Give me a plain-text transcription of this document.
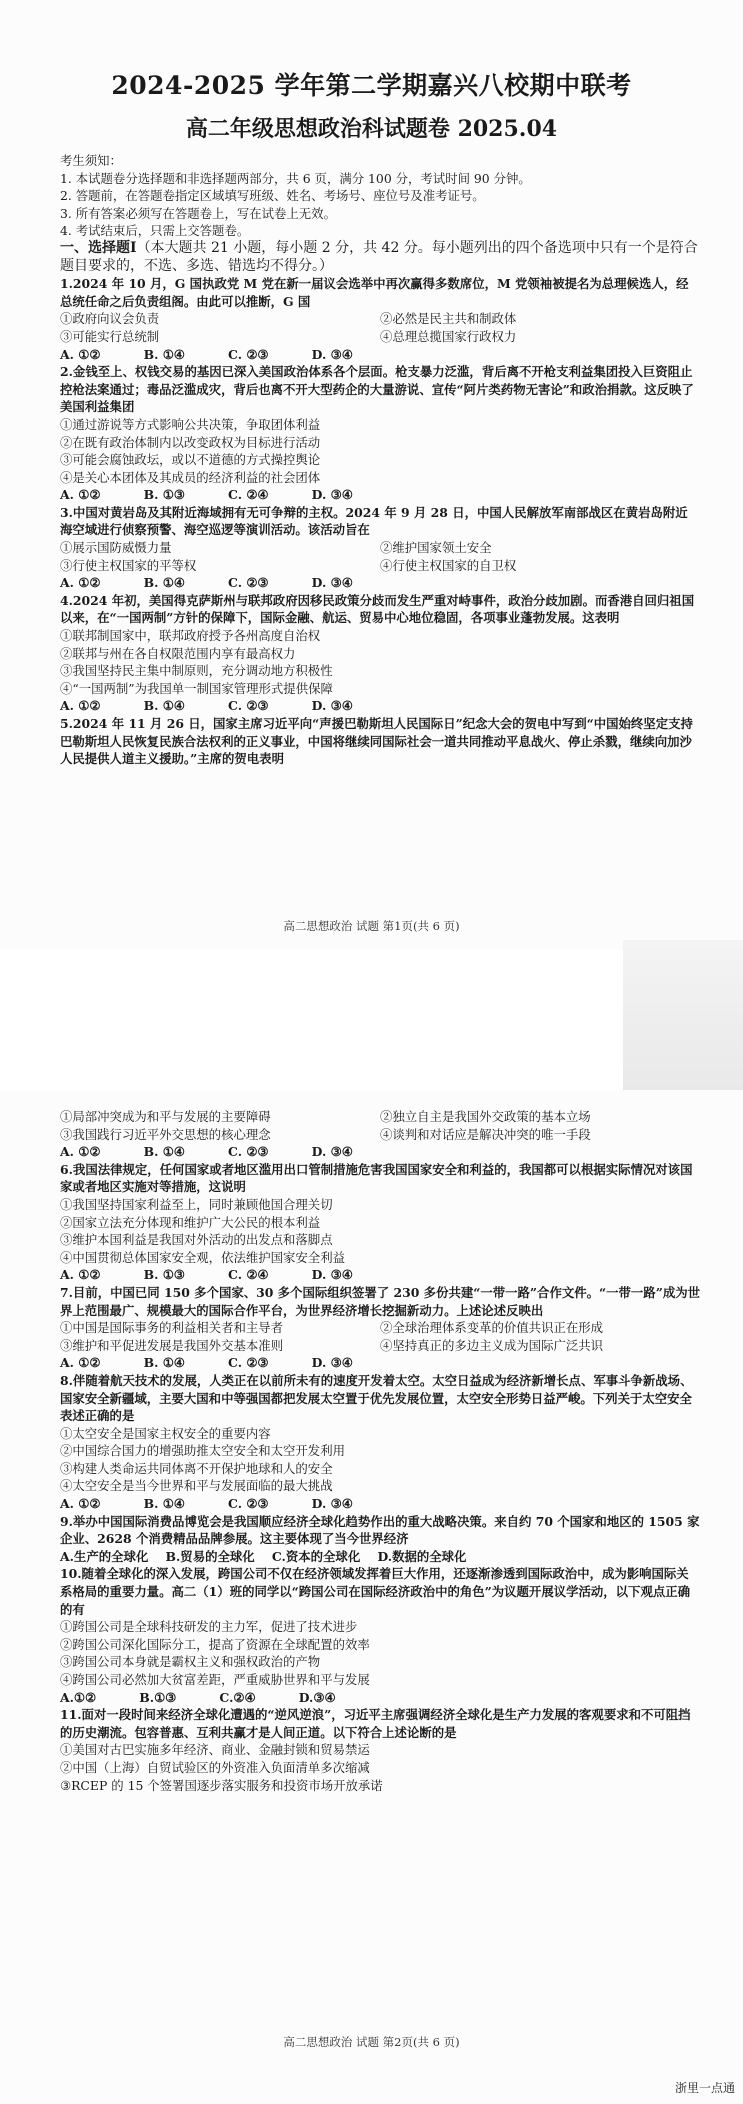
2024-2025 学年第二学期嘉兴八校期中联考
高二年级思想政治科试题卷 2025.04

考生须知：

1. 本试题卷分选择题和非选择题两部分，共 6 页，满分 100 分，考试时间 90 分钟。

2. 答题前，在答题卷指定区域填写班级、姓名、考场号、座位号及准考证号。

3. 所有答案必须写在答题卷上，写在试卷上无效。

4. 考试结束后，只需上交答题卷。

一、选择题Ⅰ（本大题共 21 小题，每小题 2 分，共 42 分。每小题列出的四个备选项中只有一个是符合题目要求的，不选、多选、错选均不得分。）

1.2024 年 10 月，G 国执政党 M 党在新一届议会选举中再次赢得多数席位，M 党领袖被提名为总理候选人，经总统任命之后负责组阁。由此可以推断，G 国

①政府向议会负责	②必然是民主共和制政体

③可能实行总统制	④总理总揽国家行政权力

A. ①②          B. ①④          C. ②③          D. ③④

2.金钱至上、权钱交易的基因已深入美国政治体系各个层面。枪支暴力泛滥，背后离不开枪支利益集团投入巨资阻止控枪法案通过；毒品泛滥成灾，背后也离不开大型药企的大量游说、宣传“阿片类药物无害论”和政治捐款。这反映了美国利益集团

①通过游说等方式影响公共决策，争取团体利益

②在既有政治体制内以改变政权为目标进行活动

③可能会腐蚀政坛，或以不道德的方式操控舆论

④是关心本团体及其成员的经济利益的社会团体

A. ①②          B. ①③          C. ②④          D. ③④

3.中国对黄岩岛及其附近海域拥有无可争辩的主权。2024 年 9 月 28 日，中国人民解放军南部战区在黄岩岛附近海空域进行侦察预警、海空巡逻等演训活动。该活动旨在

①展示国防威慑力量	②维护国家领土安全

③行使主权国家的平等权	④行使主权国家的自卫权

A. ①②          B. ①④          C. ②③          D. ③④

4.2024 年初，美国得克萨斯州与联邦政府因移民政策分歧而发生严重对峙事件，政治分歧加剧。而香港自回归祖国以来，在“一国两制”方针的保障下，国际金融、航运、贸易中心地位稳固，各项事业蓬勃发展。这表明

①联邦制国家中，联邦政府授予各州高度自治权

②联邦与州在各自权限范围内享有最高权力

③我国坚持民主集中制原则，充分调动地方积极性

④“一国两制”为我国单一制国家管理形式提供保障

A. ①②          B. ①④          C. ②③          D. ③④

5.2024 年 11 月 26 日，国家主席习近平向“声援巴勒斯坦人民国际日”纪念大会的贺电中写到“中国始终坚定支持巴勒斯坦人民恢复民族合法权利的正义事业，中国将继续同国际社会一道共同推动平息战火、停止杀戮，继续向加沙人民提供人道主义援助。”主席的贺电表明

高二思想政治 试题 第1页(共 6 页)

①局部冲突成为和平与发展的主要障碍	②独立自主是我国外交政策的基本立场

③我国践行习近平外交思想的核心理念	④谈判和对话应是解决冲突的唯一手段

A. ①②          B. ①④          C. ②③          D. ③④

6.我国法律规定，任何国家或者地区滥用出口管制措施危害我国国家安全和利益的，我国都可以根据实际情况对该国家或者地区实施对等措施，这说明

①我国坚持国家利益至上，同时兼顾他国合理关切

②国家立法充分体现和维护广大公民的根本利益

③维护本国利益是我国对外活动的出发点和落脚点

④中国贯彻总体国家安全观，依法维护国家安全利益

A. ①②          B. ①③          C. ②④          D. ③④

7.目前，中国已同 150 多个国家、30 多个国际组织签署了 230 多份共建“一带一路”合作文件。“一带一路”成为世界上范围最广、规模最大的国际合作平台，为世界经济增长挖掘新动力。上述论述反映出

①中国是国际事务的利益相关者和主导者	②全球治理体系变革的价值共识正在形成

③维护和平促进发展是我国外交基本准则	④坚持真正的多边主义成为国际广泛共识

A. ①②          B. ①④          C. ②③          D. ③④

8.伴随着航天技术的发展，人类正在以前所未有的速度开发着太空。太空日益成为经济新增长点、军事斗争新战场、国家安全新疆域，主要大国和中等强国都把发展太空置于优先发展位置，太空安全形势日益严峻。下列关于太空安全表述正确的是

①太空安全是国家主权安全的重要内容

②中国综合国力的增强助推太空安全和太空开发利用

③构建人类命运共同体离不开保护地球和人的安全

④太空安全是当今世界和平与发展面临的最大挑战

A. ①②          B. ①④          C. ②③          D. ③④

9.举办中国国际消费品博览会是我国顺应经济全球化趋势作出的重大战略决策。来自约 70 个国家和地区的 1505 家企业、2628 个消费精品品牌参展。这主要体现了当今世界经济

A.生产的全球化    B.贸易的全球化    C.资本的全球化    D.数据的全球化

10.随着全球化的深入发展，跨国公司不仅在经济领域发挥着巨大作用，还逐渐渗透到国际政治中，成为影响国际关系格局的重要力量。高二（1）班的同学以“跨国公司在国际经济政治中的角色”为议题开展议学活动，以下观点正确的有

①跨国公司是全球科技研发的主力军，促进了技术进步

②跨国公司深化国际分工，提高了资源在全球配置的效率

③跨国公司本身就是霸权主义和强权政治的产物

④跨国公司必然加大贫富差距，严重威胁世界和平与发展

A.①②          B.①③          C.②④          D.③④

11.面对一段时间来经济全球化遭遇的“逆风逆浪”，习近平主席强调经济全球化是生产力发展的客观要求和不可阻挡的历史潮流。包容普惠、互利共赢才是人间正道。以下符合上述论断的是

①美国对古巴实施多年经济、商业、金融封锁和贸易禁运

②中国（上海）自贸试验区的外资准入负面清单多次缩减

③RCEP 的 15 个签署国逐步落实服务和投资市场开放承诺

高二思想政治 试题 第2页(共 6 页)
浙里一点通
